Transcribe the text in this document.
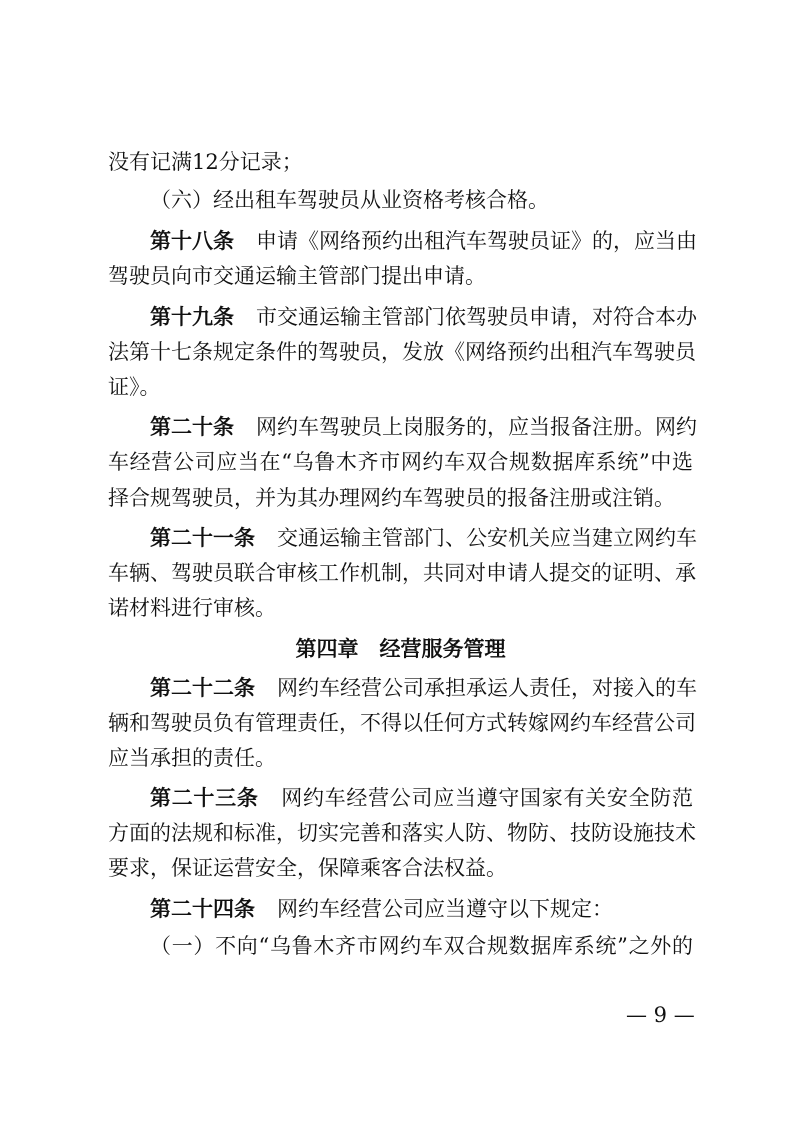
没有记满12分记录；
（六）经出租车驾驶员从业资格考核合格。
第十八条 申请《网络预约出租汽车驾驶员证》的，应当由
驾驶员向市交通运输主管部门提出申请。
第十九条 市交通运输主管部门依驾驶员申请，对符合本办
法第十七条规定条件的驾驶员，发放《网络预约出租汽车驾驶员
证》。
第二十条 网约车驾驶员上岗服务的，应当报备注册。网约
车经营公司应当在“乌鲁木齐市网约车双合规数据库系统”中选
择合规驾驶员，并为其办理网约车驾驶员的报备注册或注销。
第二十一条 交通运输主管部门、公安机关应当建立网约车
车辆、驾驶员联合审核工作机制，共同对申请人提交的证明、承
诺材料进行审核。
第四章　经营服务管理
第二十二条 网约车经营公司承担承运人责任，对接入的车
辆和驾驶员负有管理责任，不得以任何方式转嫁网约车经营公司
应当承担的责任。
第二十三条 网约车经营公司应当遵守国家有关安全防范
方面的法规和标准，切实完善和落实人防、物防、技防设施技术
要求，保证运营安全，保障乘客合法权益。
第二十四条 网约车经营公司应当遵守以下规定：
（一）不向“乌鲁木齐市网约车双合规数据库系统”之外的
— 9 —
